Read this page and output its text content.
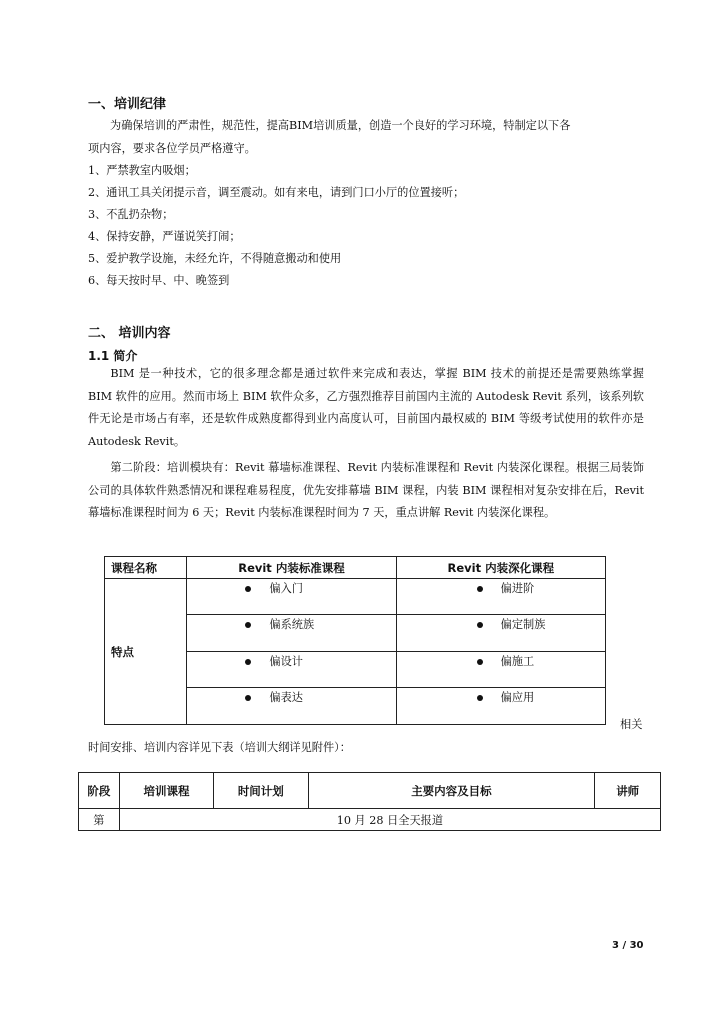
一、培训纪律
为确保培训的严肃性，规范性，提高BIM培训质量，创造一个良好的学习环境，特制定以下各
项内容，要求各位学员严格遵守。
1、严禁教室内吸烟；
2、通讯工具关闭提示音，调至震动。如有来电，请到门口小厅的位置接听；
3、不乱扔杂物；
4、保持安静，严谨说笑打闹；
5、爱护教学设施，未经允许，不得随意搬动和使用
6、每天按时早、中、晚签到
二、 培训内容
1.1 简介

BIM 是一种技术，它的很多理念都是通过软件来完成和表达，掌握 BIM 技术的前提还是需要熟练掌握 BIM 软件的应用。然而市场上 BIM 软件众多，乙方强烈推荐目前国内主流的 Autodesk Revit 系列，该系列软件无论是市场占有率，还是软件成熟度都得到业内高度认可，目前国内最权威的 BIM 等级考试使用的软件亦是 Autodesk Revit。

第二阶段：培训模块有：Revit 幕墙标准课程、Revit 内装标准课程和 Revit 内装深化课程。根据三局装饰公司的具体软件熟悉情况和课程难易程度，优先安排幕墙 BIM 课程，内装 BIM 课程相对复杂安排在后，Revit 幕墙标准课程时间为 6 天；Revit 内装标准课程时间为 7 天，重点讲解 Revit 内装深化课程。

课程名称	Revit 内装标准课程	Revit 内装深化课程
特点	偏入门	偏进阶

	偏系统族	偏定制族

	偏设计	偏施工

	偏表达	偏应用
相关
时间安排、培训内容详见下表（培训大纲详见附件）：
阶段	培训课程	时间计划	主要内容及目标	讲师
第	10 月 28 日全天报道			
3 / 30
